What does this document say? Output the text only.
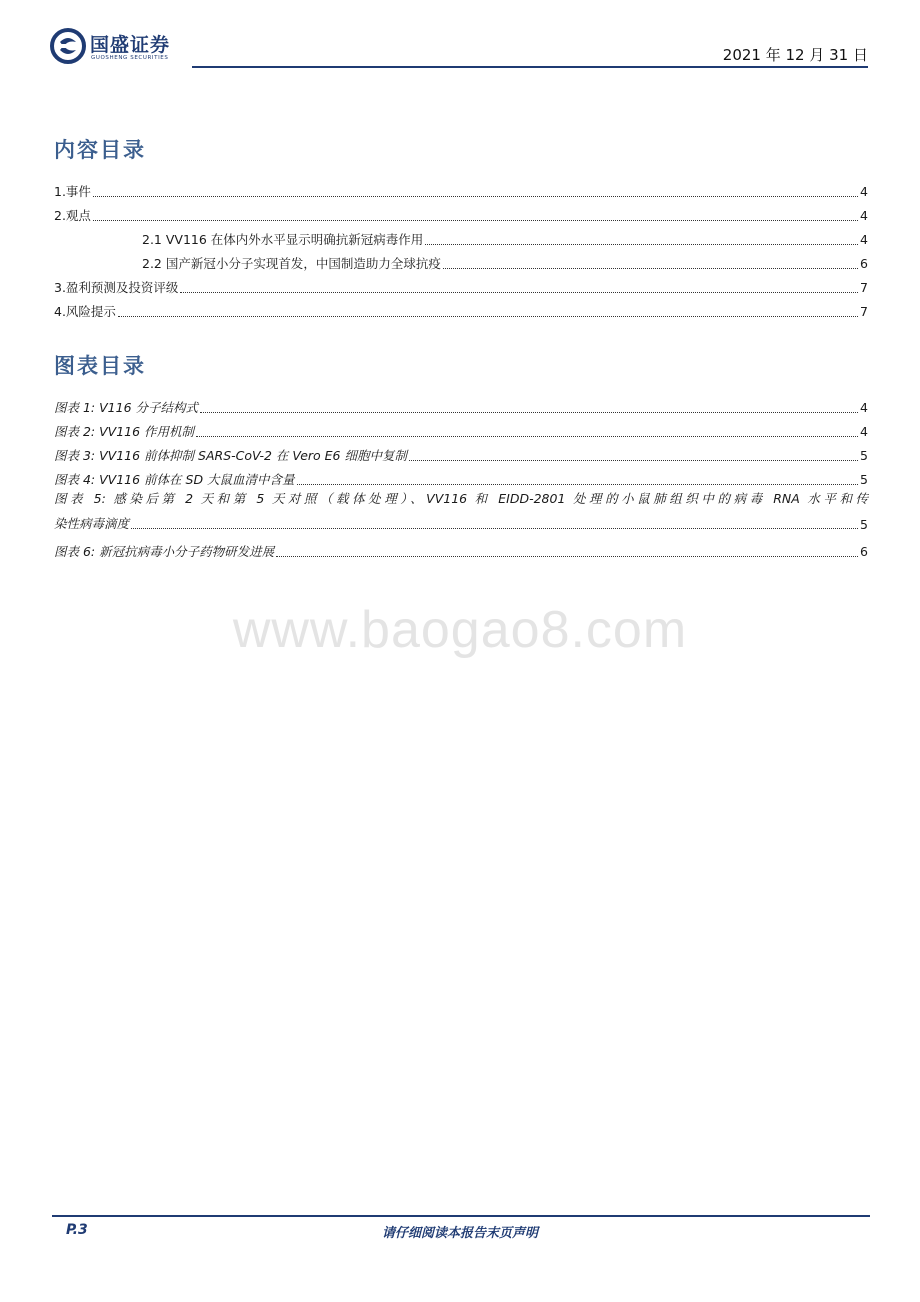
国盛证券
GUOSHENG SECURITIES	2021 年 12 月 31 日
内容目录
1.事件	4
2.观点	4
2.1 VV116 在体内外水平显示明确抗新冠病毒作用	4
2.2 国产新冠小分子实现首发，中国制造助力全球抗疫	6
3.盈利预测及投资评级	7
4.风险提示	7
图表目录
图表 1: V116 分子结构式	4
图表 2: VV116 作用机制	4
图表 3: VV116 前体抑制 SARS-CoV-2 在 Vero E6 细胞中复制	5
图表 4: VV116 前体在 SD 大鼠血清中含量	5
图表 5: 感染后第 2 天和第 5 天对照（载体处理）、VV116 和 EIDD-2801 处理的小鼠肺组织中的病毒 RNA 水平和传
染性病毒滴度	5
图表 6: 新冠抗病毒小分子药物研发进展	6
www.baogao8.com
P.3	请仔细阅读本报告末页声明
